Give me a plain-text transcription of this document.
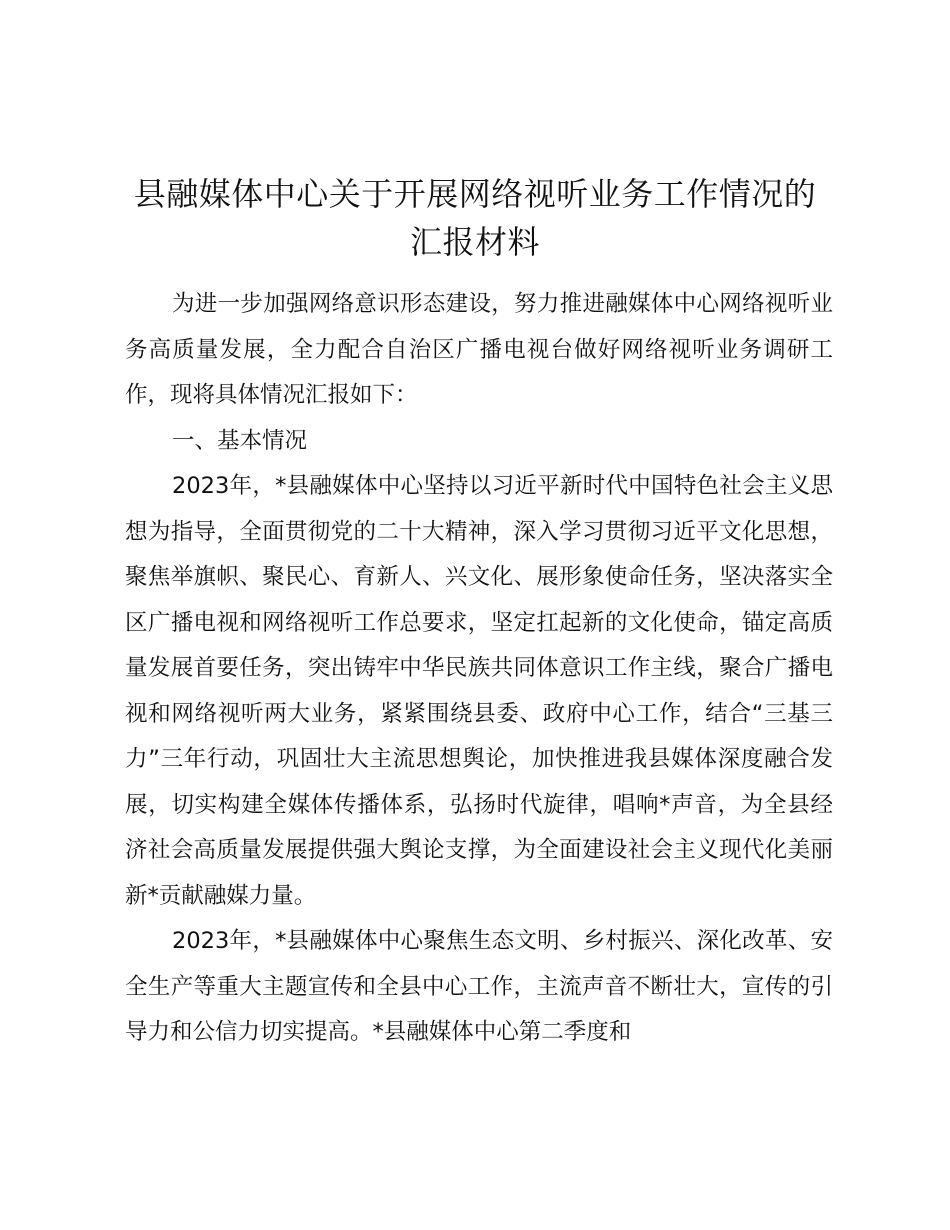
县融媒体中心关于开展网络视听业务工作情况的汇报材料

为进一步加强网络意识形态建设，努力推进融媒体中心网络视听业务高质量发展，全力配合自治区广播电视台做好网络视听业务调研工作，现将具体情况汇报如下：

一、基本情况

2023年，*县融媒体中心坚持以习近平新时代中国特色社会主义思想为指导，全面贯彻党的二十大精神，深入学习贯彻习近平文化思想，聚焦举旗帜、聚民心、育新人、兴文化、展形象使命任务，坚决落实全区广播电视和网络视听工作总要求，坚定扛起新的文化使命，锚定高质量发展首要任务，突出铸牢中华民族共同体意识工作主线，聚合广播电视和网络视听两大业务，紧紧围绕县委、政府中心工作，结合“三基三力”三年行动，巩固壮大主流思想舆论，加快推进我县媒体深度融合发展，切实构建全媒体传播体系，弘扬时代旋律，唱响*声音，为全县经济社会高质量发展提供强大舆论支撑，为全面建设社会主义现代化美丽新*贡献融媒力量。

2023年，*县融媒体中心聚焦生态文明、乡村振兴、深化改革、安全生产等重大主题宣传和全县中心工作，主流声音不断壮大，宣传的引导力和公信力切实提高。*县融媒体中心第二季度和
